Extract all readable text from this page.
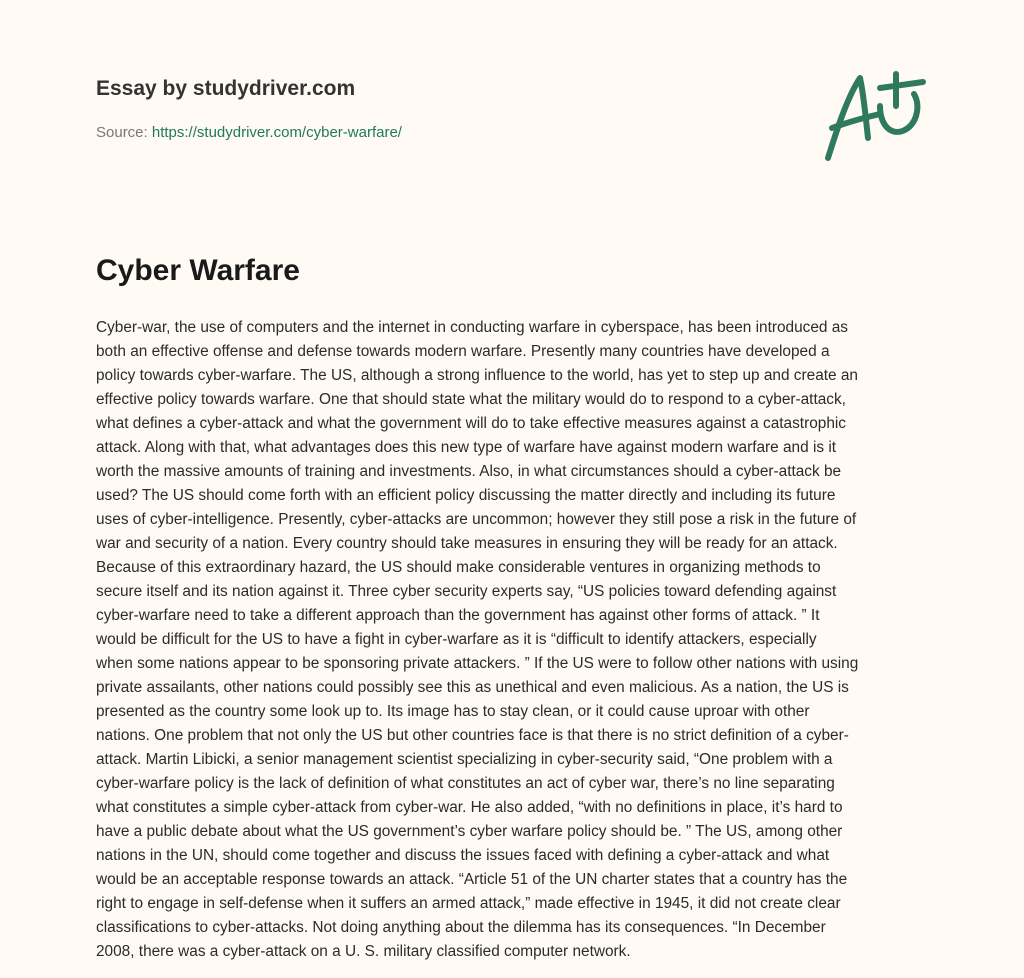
Essay by studydriver.com
Source: https://studydriver.com/cyber-warfare/
Cyber Warfare
Cyber-war, the use of computers and the internet in conducting warfare in cyberspace, has been introduced as
both an effective offense and defense towards modern warfare. Presently many countries have developed a
policy towards cyber-warfare. The US, although a strong influence to the world, has yet to step up and create an
effective policy towards warfare. One that should state what the military would do to respond to a cyber-attack,
what defines a cyber-attack and what the government will do to take effective measures against a catastrophic
attack. Along with that, what advantages does this new type of warfare have against modern warfare and is it
worth the massive amounts of training and investments. Also, in what circumstances should a cyber-attack be
used? The US should come forth with an efficient policy discussing the matter directly and including its future
uses of cyber-intelligence. Presently, cyber-attacks are uncommon; however they still pose a risk in the future of
war and security of a nation. Every country should take measures in ensuring they will be ready for an attack.
Because of this extraordinary hazard, the US should make considerable ventures in organizing methods to
secure itself and its nation against it. Three cyber security experts say, “US policies toward defending against
cyber-warfare need to take a different approach than the government has against other forms of attack. ” It
would be difficult for the US to have a fight in cyber-warfare as it is “difficult to identify attackers, especially
when some nations appear to be sponsoring private attackers. ” If the US were to follow other nations with using
private assailants, other nations could possibly see this as unethical and even malicious. As a nation, the US is
presented as the country some look up to. Its image has to stay clean, or it could cause uproar with other
nations. One problem that not only the US but other countries face is that there is no strict definition of a cyber-
attack. Martin Libicki, a senior management scientist specializing in cyber-security said, “One problem with a
cyber-warfare policy is the lack of definition of what constitutes an act of cyber war, there’s no line separating
what constitutes a simple cyber-attack from cyber-war. He also added, “with no definitions in place, it’s hard to
have a public debate about what the US government’s cyber warfare policy should be. ” The US, among other
nations in the UN, should come together and discuss the issues faced with defining a cyber-attack and what
would be an acceptable response towards an attack. “Article 51 of the UN charter states that a country has the
right to engage in self-defense when it suffers an armed attack,” made effective in 1945, it did not create clear
classifications to cyber-attacks. Not doing anything about the dilemma has its consequences. “In December
2008, there was a cyber-attack on a U. S. military classified computer network.
